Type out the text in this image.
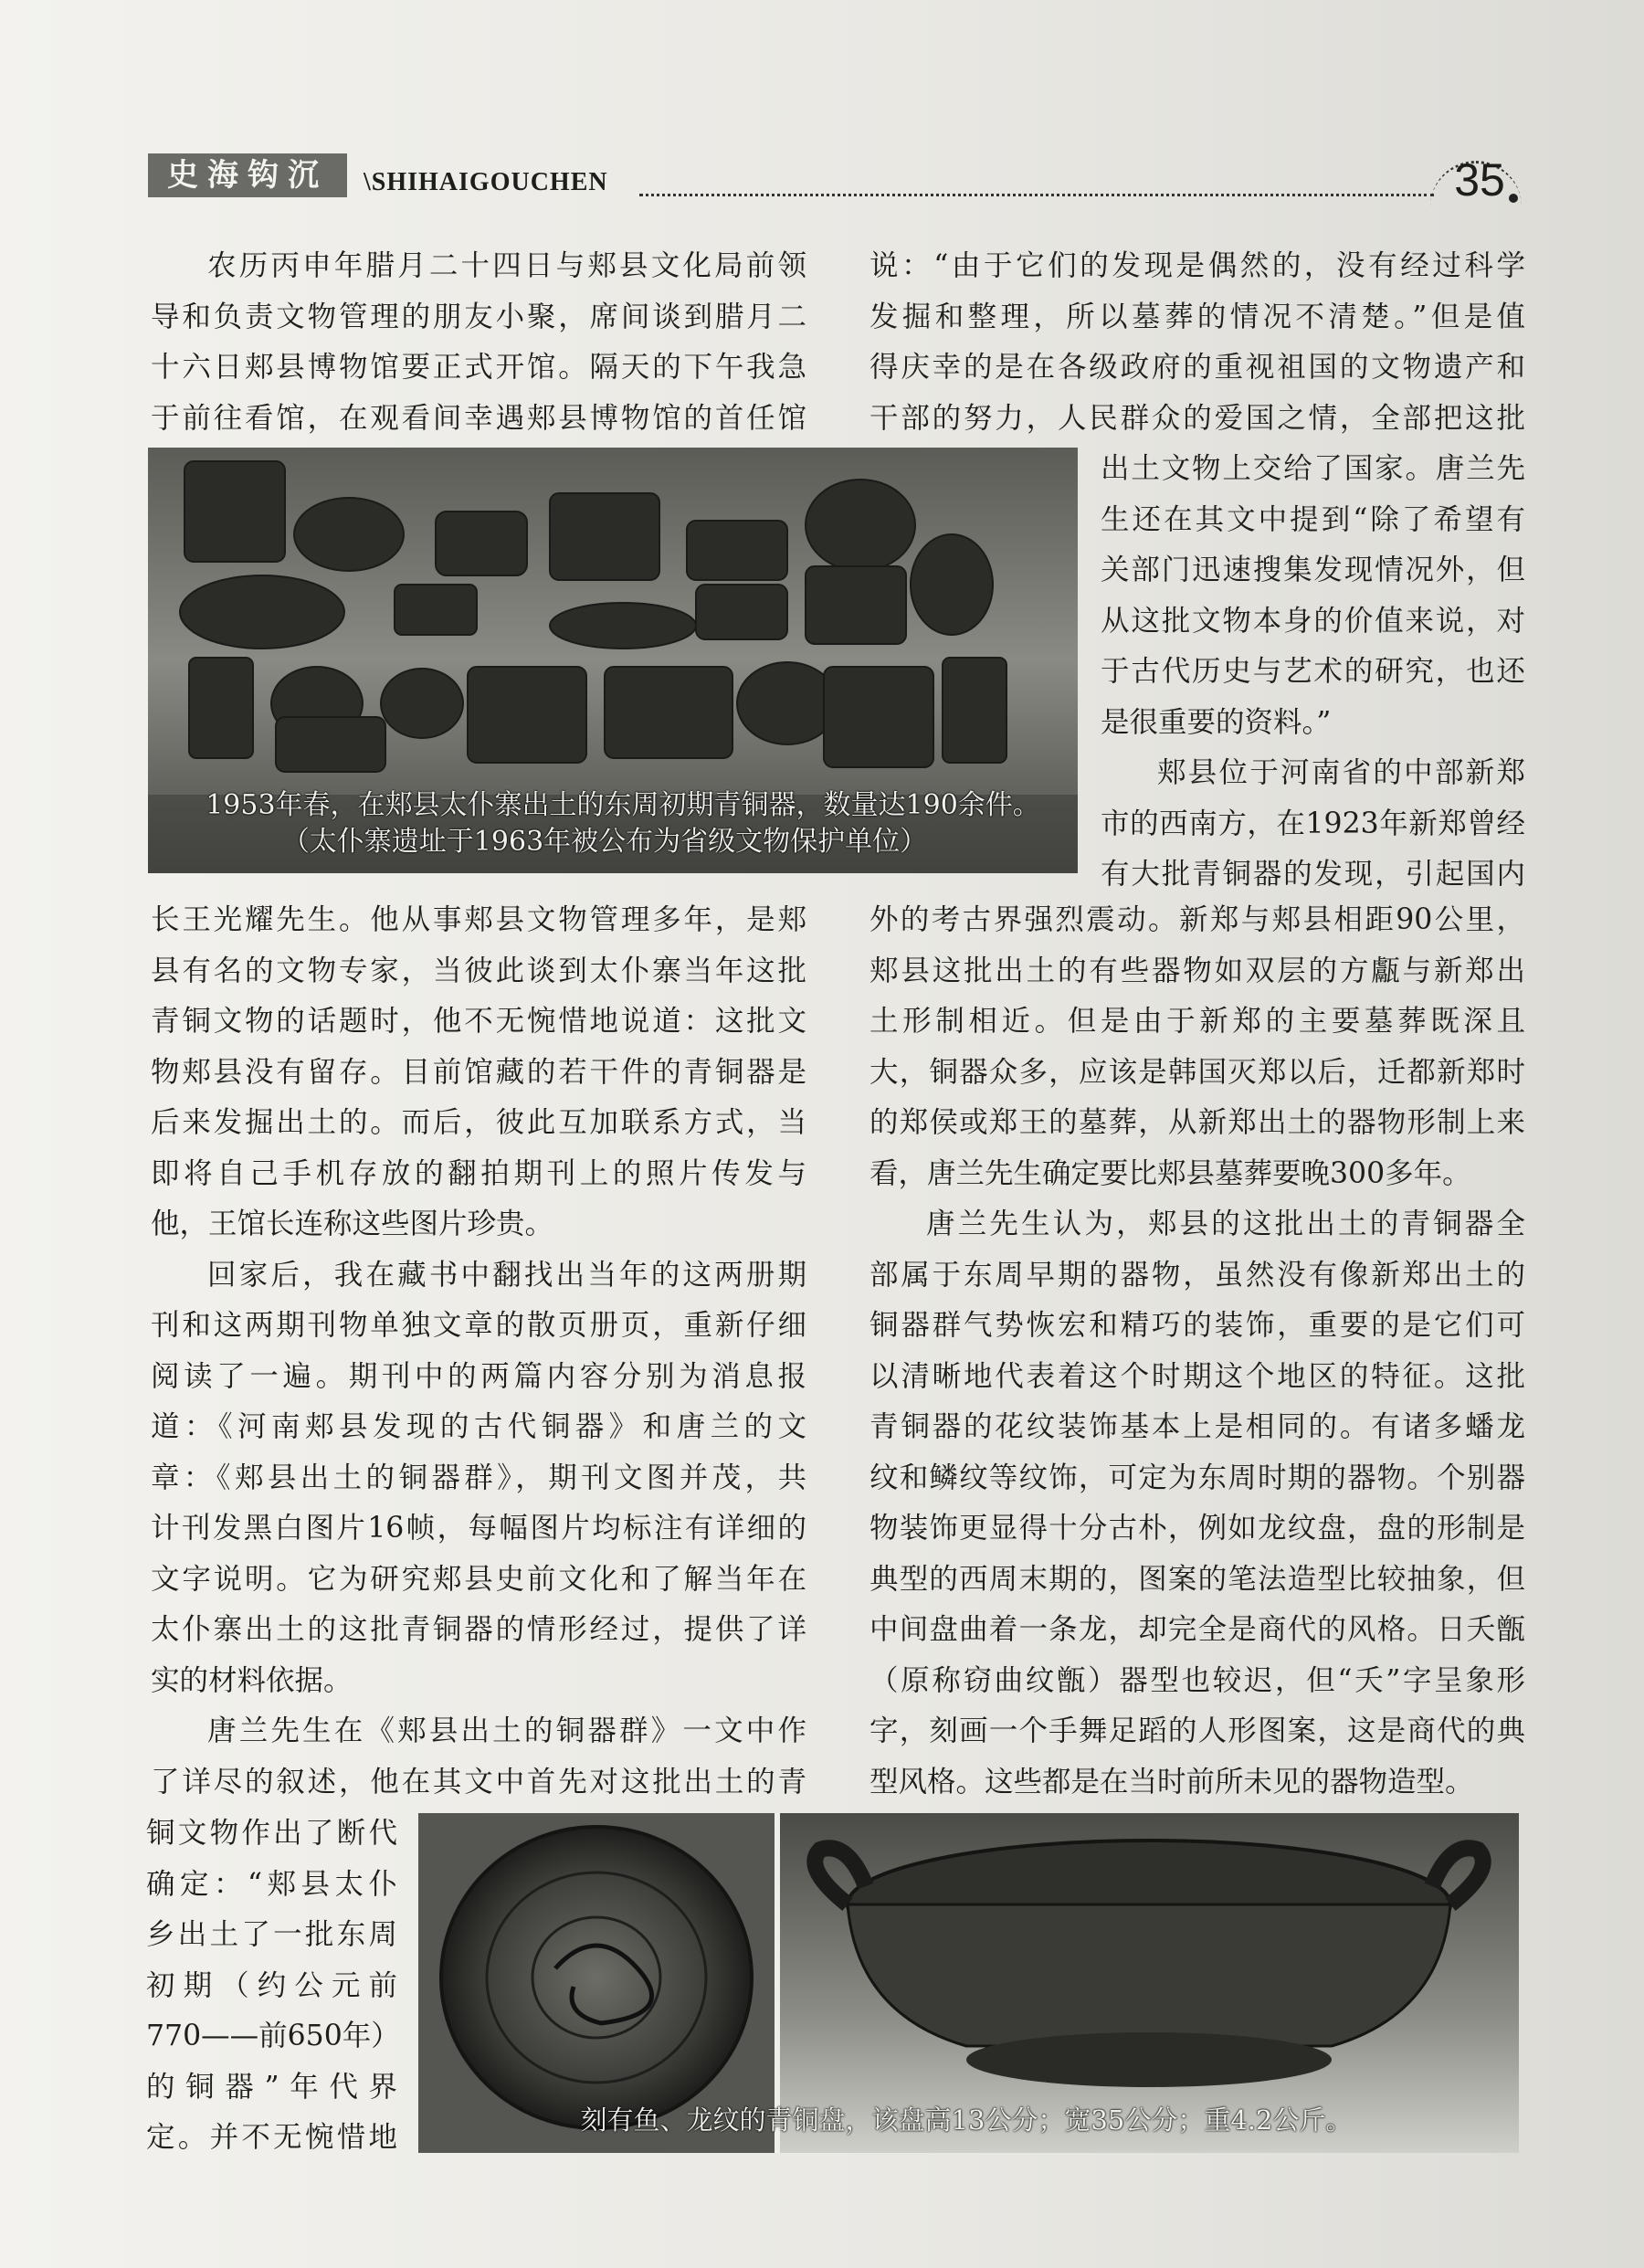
史海钩沉	\SHIHAIGOUCHEN	35
农历丙申年腊月二十四日与郏县文化局前领
导和负责文物管理的朋友小聚，席间谈到腊月二
十六日郏县博物馆要正式开馆。隔天的下午我急
于前往看馆，在观看间幸遇郏县博物馆的首任馆
说：“由于它们的发现是偶然的，没有经过科学
发掘和整理，所以墓葬的情况不清楚。”但是值
得庆幸的是在各级政府的重视祖国的文物遗产和
干部的努力，人民群众的爱国之情，全部把这批
1953年春，在郏县太仆寨出土的东周初期青铜器，数量达190余件。
（太仆寨遗址于1963年被公布为省级文物保护单位）
出土文物上交给了国家。唐兰先
生还在其文中提到“除了希望有
关部门迅速搜集发现情况外，但
从这批文物本身的价值来说，对
于古代历史与艺术的研究，也还
是很重要的资料。”
郏县位于河南省的中部新郑
市的西南方，在1923年新郑曾经
有大批青铜器的发现，引起国内
长王光耀先生。他从事郏县文物管理多年，是郏
县有名的文物专家，当彼此谈到太仆寨当年这批
青铜文物的话题时，他不无惋惜地说道：这批文
物郏县没有留存。目前馆藏的若干件的青铜器是
后来发掘出土的。而后，彼此互加联系方式，当
即将自己手机存放的翻拍期刊上的照片传发与
他，王馆长连称这些图片珍贵。
回家后，我在藏书中翻找出当年的这两册期
刊和这两期刊物单独文章的散页册页，重新仔细
阅读了一遍。期刊中的两篇内容分别为消息报
道：《河南郏县发现的古代铜器》和唐兰的文
章：《郏县出土的铜器群》，期刊文图并茂，共
计刊发黑白图片16帧，每幅图片均标注有详细的
文字说明。它为研究郏县史前文化和了解当年在
太仆寨出土的这批青铜器的情形经过，提供了详
实的材料依据。
唐兰先生在《郏县出土的铜器群》一文中作
了详尽的叙述，他在其文中首先对这批出土的青
外的考古界强烈震动。新郑与郏县相距90公里，
郏县这批出土的有些器物如双层的方甗与新郑出
土形制相近。但是由于新郑的主要墓葬既深且
大，铜器众多，应该是韩国灭郑以后，迁都新郑时
的郑侯或郑王的墓葬，从新郑出土的器物形制上来
看，唐兰先生确定要比郏县墓葬要晚300多年。
唐兰先生认为，郏县的这批出土的青铜器全
部属于东周早期的器物，虽然没有像新郑出土的
铜器群气势恢宏和精巧的装饰，重要的是它们可
以清晰地代表着这个时期这个地区的特征。这批
青铜器的花纹装饰基本上是相同的。有诸多蟠龙
纹和鳞纹等纹饰，可定为东周时期的器物。个别器
物装饰更显得十分古朴，例如龙纹盘，盘的形制是
典型的西周末期的，图案的笔法造型比较抽象，但
中间盘曲着一条龙，却完全是商代的风格。日夭甑
（原称窃曲纹甑）器型也较迟，但“夭”字呈象形
字，刻画一个手舞足蹈的人形图案，这是商代的典
型风格。这些都是在当时前所未见的器物造型。
铜文物作出了断代
确定：“郏县太仆
乡出土了一批东周
初期（约公元前
770——前650年）
的铜器”年代界
定。并不无惋惜地
刻有鱼、龙纹的青铜盘，该盘高13公分；宽35公分；重4.2公斤。
